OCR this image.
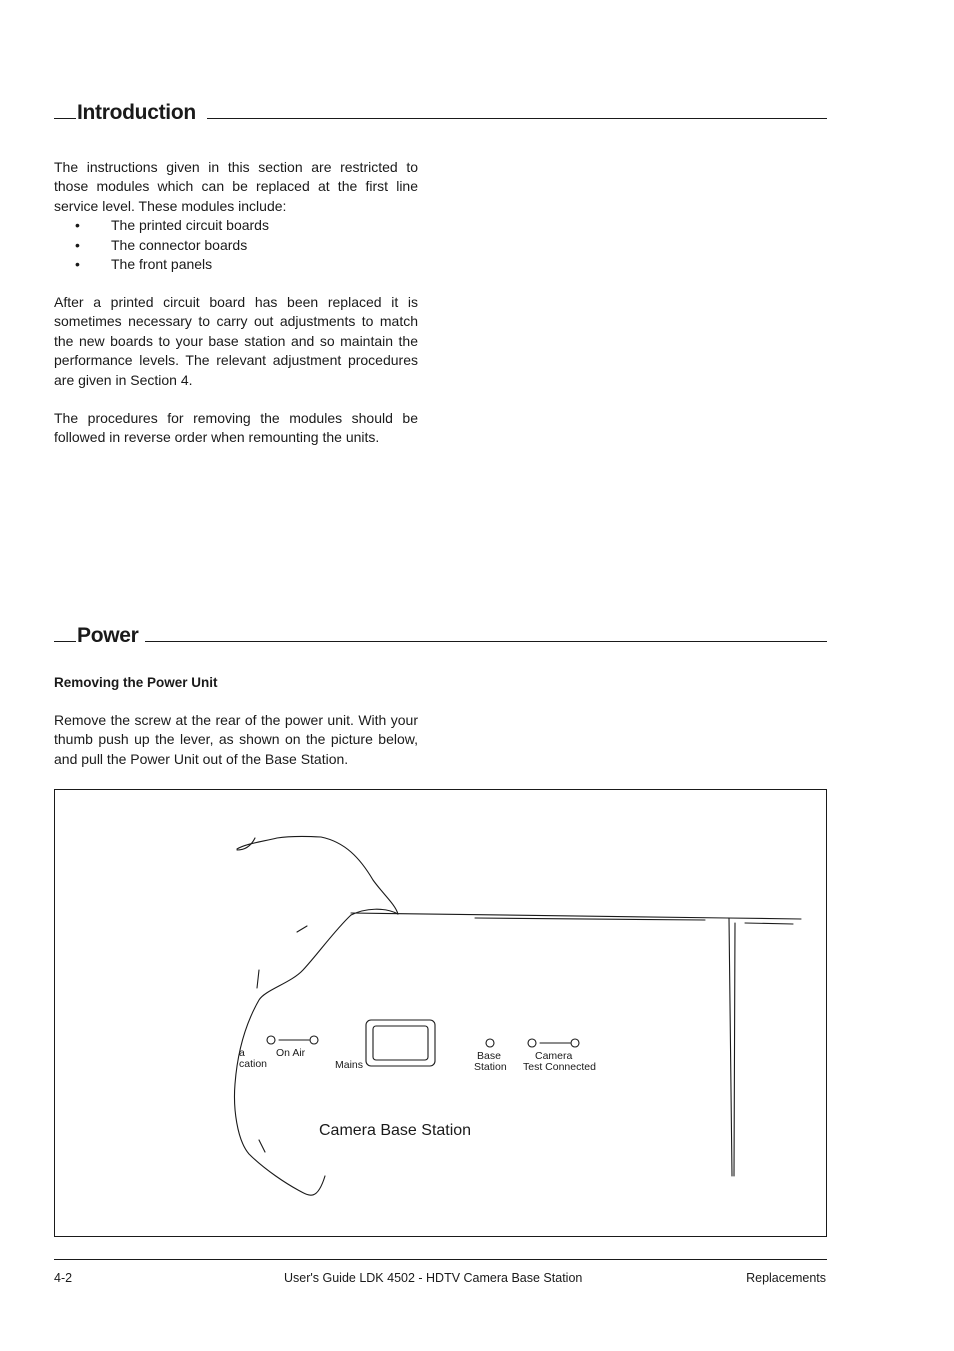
Introduction

The instructions given in this section are restricted to those modules which can be replaced at the first line service level. These modules include:

• The printed circuit boards
• The connector boards
• The front panels

After a printed circuit board has been replaced it is sometimes necessary to carry out adjustments to match the new boards to your base station and so maintain the performance levels. The relevant adjustment procedures are given in Section 4.

The procedures for removing the modules should be followed in reverse order when remounting the units.

Power
Removing the Power Unit

Remove the screw at the rear of the power unit. With your thumb push up the lever, as shown on the picture below, and pull the Power Unit out of the Base Station.

a
cation
On Air
Mains
Base
Station
Camera
Test Connected
Camera Base Station
4-2	User's Guide LDK 4502 - HDTV Camera Base Station	Replacements
